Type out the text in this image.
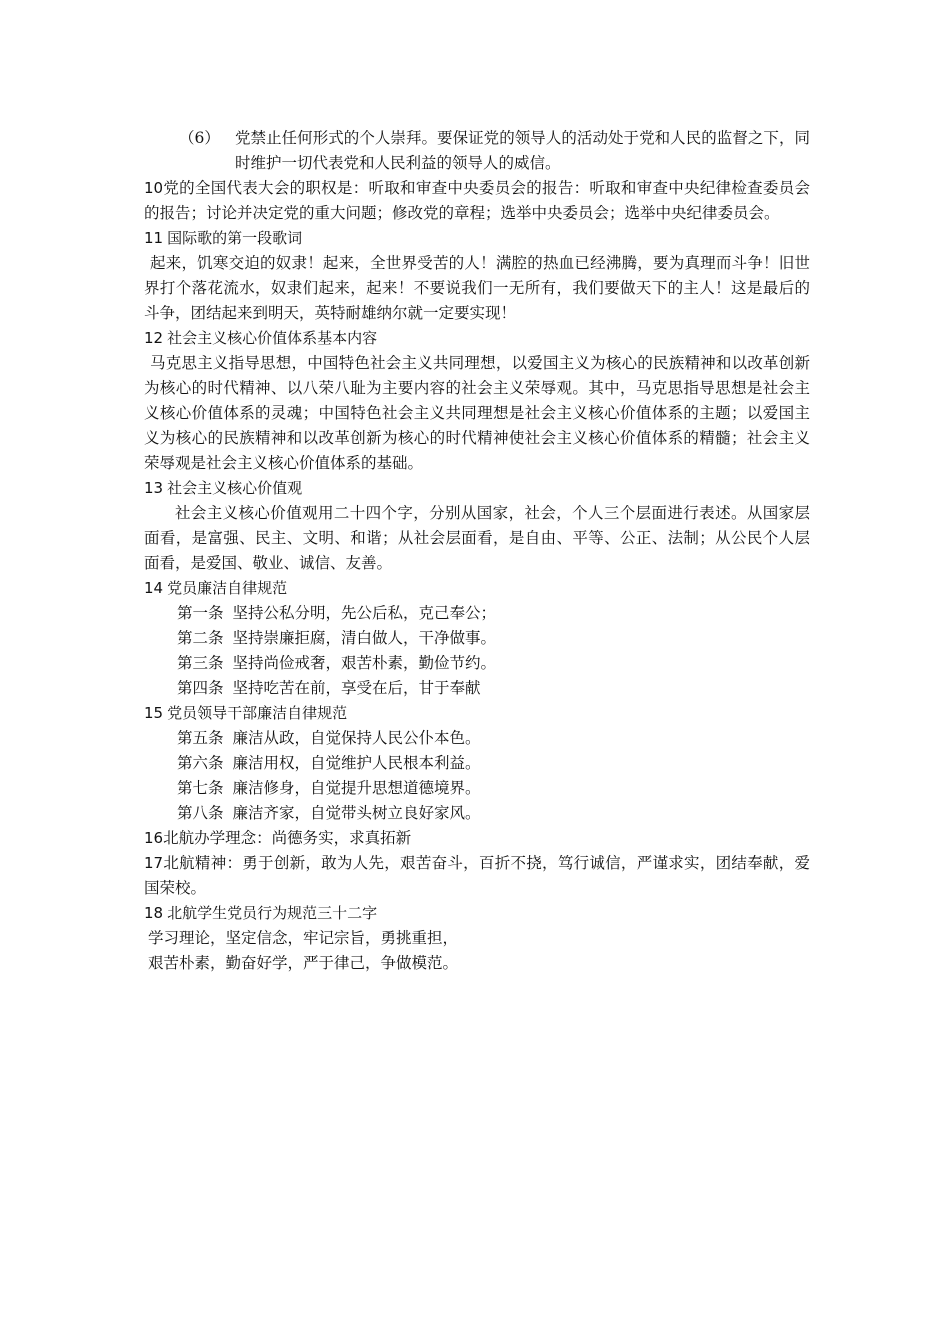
（6） 党禁止任何形式的个人崇拜。要保证党的领导人的活动处于党和人民的监督之下，同时维护一切代表党和人民利益的领导人的威信。

10党的全国代表大会的职权是：听取和审查中央委员会的报告：听取和审查中央纪律检查委员会的报告；讨论并决定党的重大问题；修改党的章程；选举中央委员会；选举中央纪律委员会。

11 国际歌的第一段歌词

起来，饥寒交迫的奴隶！起来，全世界受苦的人！满腔的热血已经沸腾，要为真理而斗争！旧世界打个落花流水，奴隶们起来，起来！不要说我们一无所有，我们要做天下的主人！这是最后的斗争，团结起来到明天，英特耐雄纳尔就一定要实现！

12 社会主义核心价值体系基本内容

马克思主义指导思想，中国特色社会主义共同理想，以爱国主义为核心的民族精神和以改革创新为核心的时代精神、以八荣八耻为主要内容的社会主义荣辱观。其中，马克思指导思想是社会主义核心价值体系的灵魂；中国特色社会主义共同理想是社会主义核心价值体系的主题；以爱国主义为核心的民族精神和以改革创新为核心的时代精神使社会主义核心价值体系的精髓；社会主义荣辱观是社会主义核心价值体系的基础。

13 社会主义核心价值观

社会主义核心价值观用二十四个字，分别从国家，社会，个人三个层面进行表述。从国家层面看，是富强、民主、文明、和谐；从社会层面看，是自由、平等、公正、法制；从公民个人层面看，是爱国、敬业、诚信、友善。

14 党员廉洁自律规范

第一条 坚持公私分明，先公后私，克己奉公；

第二条 坚持崇廉拒腐，清白做人，干净做事。

第三条 坚持尚俭戒奢，艰苦朴素，勤俭节约。

第四条 坚持吃苦在前，享受在后，甘于奉献

15 党员领导干部廉洁自律规范

第五条 廉洁从政，自觉保持人民公仆本色。

第六条 廉洁用权，自觉维护人民根本利益。

第七条 廉洁修身，自觉提升思想道德境界。

第八条 廉洁齐家，自觉带头树立良好家风。

16北航办学理念：尚德务实，求真拓新

17北航精神：勇于创新，敢为人先，艰苦奋斗，百折不挠，笃行诚信，严谨求实，团结奉献，爱国荣校。

18 北航学生党员行为规范三十二字

学习理论，坚定信念，牢记宗旨，勇挑重担，

艰苦朴素，勤奋好学，严于律己，争做模范。
